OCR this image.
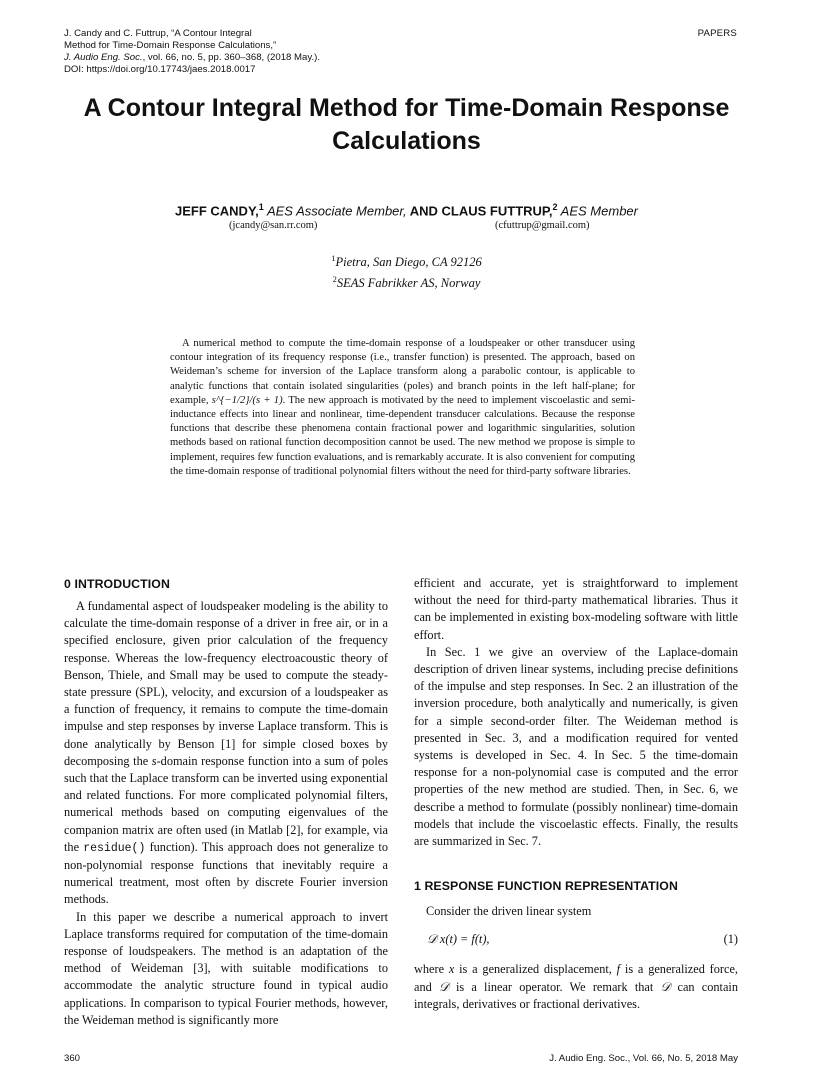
J. Candy and C. Futtrup, “A Contour Integral
Method for Time-Domain Response Calculations,”
J. Audio Eng. Soc., vol. 66, no. 5, pp. 360–368, (2018 May.).
DOI: https://doi.org/10.17743/jaes.2018.0017
PAPERS
A Contour Integral Method for Time-Domain Response Calculations
JEFF CANDY,$^1$ AES Associate Member, AND CLAUS FUTTRUP,$^2$ AES Member
(jcandy@san.rr.com)	(cfuttrup@gmail.com)
$^1$Pietra, San Diego, CA 92126
$^2$SEAS Fabrikker AS, Norway

A numerical method to compute the time-domain response of a loudspeaker or other transducer using contour integration of its frequency response (i.e., transfer function) is presented. The approach, based on Weideman’s scheme for inversion of the Laplace transform along a parabolic contour, is applicable to analytic functions that contain isolated singularities (poles) and branch points in the left half-plane; for example, s^{−1/2}/(s + 1). The new approach is motivated by the need to implement viscoelastic and semi-inductance effects into linear and nonlinear, time-dependent transducer calculations. Because the response functions that describe these phenomena contain fractional power and logarithmic singularities, solution methods based on rational function decomposition cannot be used. The new method we propose is simple to implement, requires few function evaluations, and is remarkably accurate. It is also convenient for computing the time-domain response of traditional polynomial filters without the need for third-party software libraries.

0 INTRODUCTION

A fundamental aspect of loudspeaker modeling is the ability to calculate the time-domain response of a driver in free air, or in a specified enclosure, given prior calculation of the frequency response. Whereas the low-frequency electroacoustic theory of Benson, Thiele, and Small may be used to compute the steady-state pressure (SPL), velocity, and excursion of a loudspeaker as a function of frequency, it remains to compute the time-domain impulse and step responses by inverse Laplace transform. This is done analytically by Benson [1] for simple closed boxes by decomposing the s-domain response function into a sum of poles such that the Laplace transform can be inverted using exponential and related functions. For more complicated polynomial filters, numerical methods based on computing eigenvalues of the companion matrix are often used (in Matlab [2], for example, via the residue() function). This approach does not generalize to non-polynomial response functions that inevitably require a numerical treatment, most often by discrete Fourier inversion methods.

In this paper we describe a numerical approach to invert Laplace transforms required for computation of the time-domain response of loudspeakers. The method is an adaptation of the method of Weideman [3], with suitable modifications to accommodate the analytic structure found in typical audio applications. In comparison to typical Fourier methods, however, the Weideman method is significantly more

efficient and accurate, yet is straightforward to implement without the need for third-party mathematical libraries. Thus it can be implemented in existing box-modeling software with little effort.

In Sec. 1 we give an overview of the Laplace-domain description of driven linear systems, including precise definitions of the impulse and step responses. In Sec. 2 an illustration of the inversion procedure, both analytically and numerically, is given for a simple second-order filter. The Weideman method is presented in Sec. 3, and a modification required for vented systems is developed in Sec. 4. In Sec. 5 the time-domain response for a non-polynomial case is computed and the error properties of the new method are studied. Then, in Sec. 6, we describe a method to formulate (possibly nonlinear) time-domain models that include the viscoelastic effects. Finally, the results are summarized in Sec. 7.

1 RESPONSE FUNCTION REPRESENTATION

Consider the driven linear system

𝒟 x(t) = f(t),	(1)

where x is a generalized displacement, f is a generalized force, and 𝒟 is a linear operator. We remark that 𝒟 can contain integrals, derivatives or fractional derivatives.

360	J. Audio Eng. Soc., Vol. 66, No. 5, 2018 May
